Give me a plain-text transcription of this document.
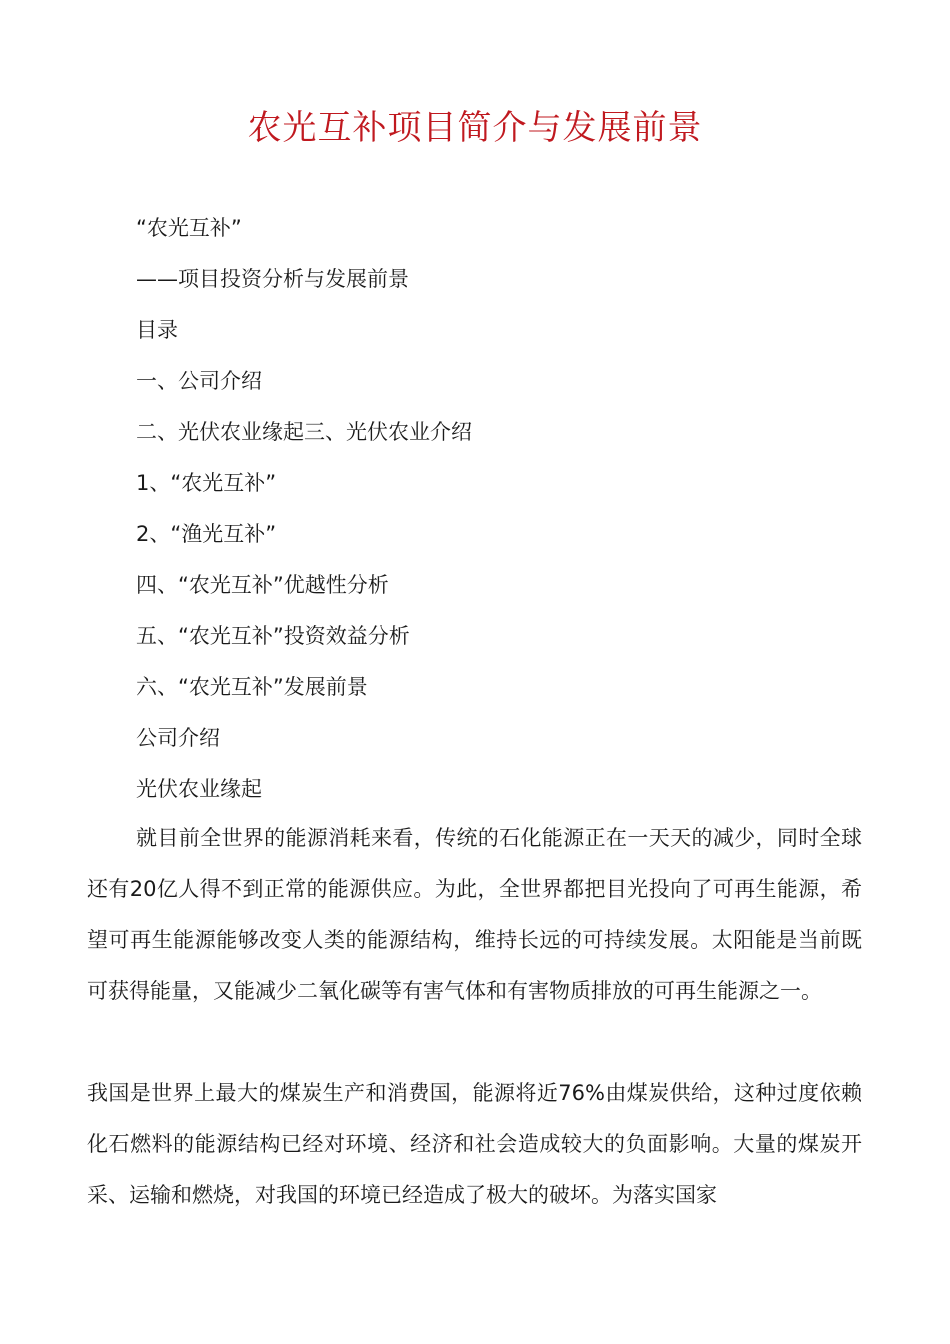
农光互补项目简介与发展前景
“农光互补”
——项目投资分析与发展前景
目录
一、公司介绍
二、光伏农业缘起三、光伏农业介绍
1、“农光互补”
2、“渔光互补”
四、“农光互补”优越性分析
五、“农光互补”投资效益分析
六、“农光互补”发展前景
公司介绍
光伏农业缘起

就目前全世界的能源消耗来看，传统的石化能源正在一天天的减少，同时全球还有20亿人得不到正常的能源供应。为此，全世界都把目光投向了可再生能源，希望可再生能源能够改变人类的能源结构，维持长远的可持续发展。太阳能是当前既可获得能量，又能减少二氧化碳等有害气体和有害物质排放的可再生能源之一。

我国是世界上最大的煤炭生产和消费国，能源将近76%由煤炭供给，这种过度依赖化石燃料的能源结构已经对环境、经济和社会造成较大的负面影响。大量的煤炭开采、运输和燃烧，对我国的环境已经造成了极大的破坏。为落实国家
